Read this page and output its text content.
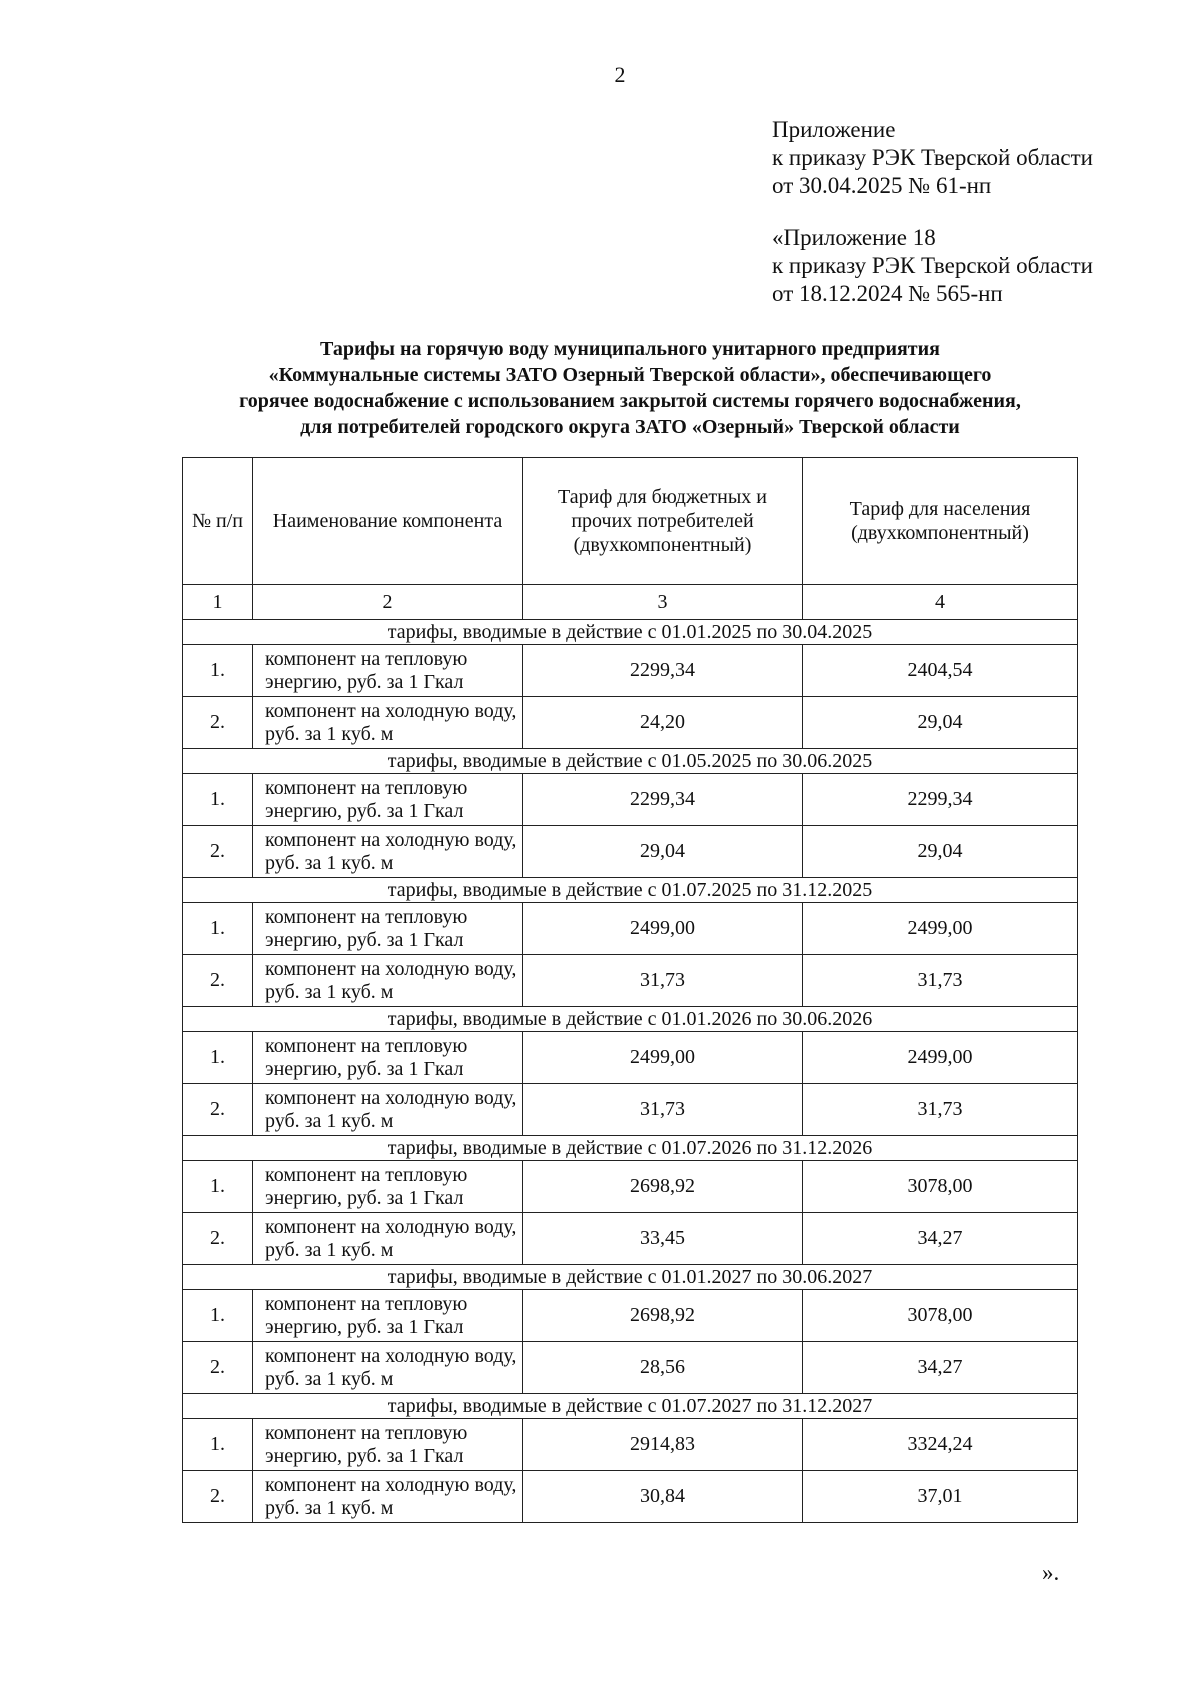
2
Приложение
к приказу РЭК Тверской области
от 30.04.2025 № 61-нп
«Приложение 18
к приказу РЭК Тверской области
от 18.12.2024 № 565-нп
Тарифы на горячую воду муниципального унитарного предприятия
«Коммунальные системы ЗАТО Озерный Тверской области», обеспечивающего
горячее водоснабжение с использованием закрытой системы горячего водоснабжения,
для потребителей городского округа ЗАТО «Озерный» Тверской области
№ п/п	Наименование компонента	Тариф для бюджетных и прочих потребителей (двухкомпонентный)	Тариф для населения (двухкомпонентный)
1	2	3	4
тарифы, вводимые в действие с 01.01.2025 по 30.04.2025			
1.	компонент на тепловую энергию, руб. за 1 Гкал	2299,34	2404,54
2.	компонент на холодную воду, руб. за 1 куб. м	24,20	29,04
тарифы, вводимые в действие с 01.05.2025 по 30.06.2025			
1.	компонент на тепловую энергию, руб. за 1 Гкал	2299,34	2299,34
2.	компонент на холодную воду, руб. за 1 куб. м	29,04	29,04
тарифы, вводимые в действие с 01.07.2025 по 31.12.2025			
1.	компонент на тепловую энергию, руб. за 1 Гкал	2499,00	2499,00
2.	компонент на холодную воду, руб. за 1 куб. м	31,73	31,73
тарифы, вводимые в действие с 01.01.2026 по 30.06.2026			
1.	компонент на тепловую энергию, руб. за 1 Гкал	2499,00	2499,00
2.	компонент на холодную воду, руб. за 1 куб. м	31,73	31,73
тарифы, вводимые в действие с 01.07.2026 по 31.12.2026			
1.	компонент на тепловую энергию, руб. за 1 Гкал	2698,92	3078,00
2.	компонент на холодную воду, руб. за 1 куб. м	33,45	34,27
тарифы, вводимые в действие с 01.01.2027 по 30.06.2027			
1.	компонент на тепловую энергию, руб. за 1 Гкал	2698,92	3078,00
2.	компонент на холодную воду, руб. за 1 куб. м	28,56	34,27
тарифы, вводимые в действие с 01.07.2027 по 31.12.2027			
1.	компонент на тепловую энергию, руб. за 1 Гкал	2914,83	3324,24
2.	компонент на холодную воду, руб. за 1 куб. м	30,84	37,01
».
